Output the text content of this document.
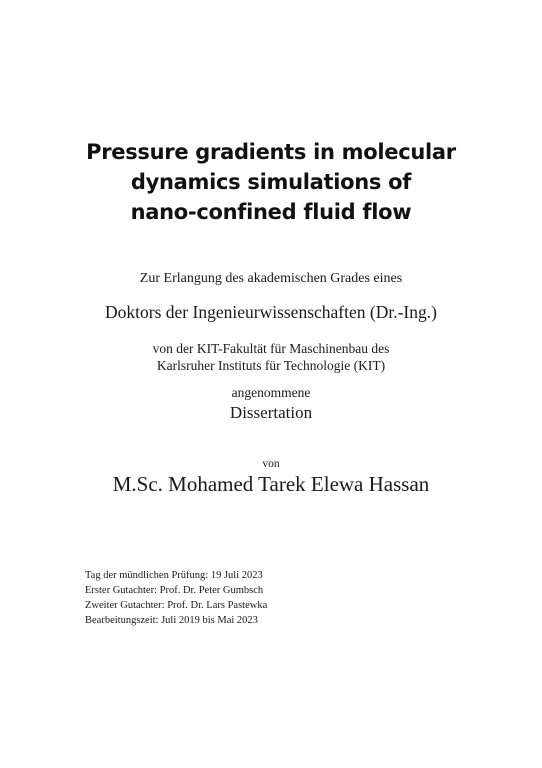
Pressure gradients in molecular
dynamics simulations of
nano-confined fluid flow
Zur Erlangung des akademischen Grades eines
Doktors der Ingenieurwissenschaften (Dr.-Ing.)
von der KIT-Fakultät für Maschinenbau des
Karlsruher Instituts für Technologie (KIT)
angenommene
Dissertation
von
M.Sc. Mohamed Tarek Elewa Hassan
Tag der mündlichen Prüfung: 19 Juli 2023
Erster Gutachter: Prof. Dr. Peter Gumbsch
Zweiter Gutachter: Prof. Dr. Lars Pastewka
Bearbeitungszeit: Juli 2019 bis Mai 2023
